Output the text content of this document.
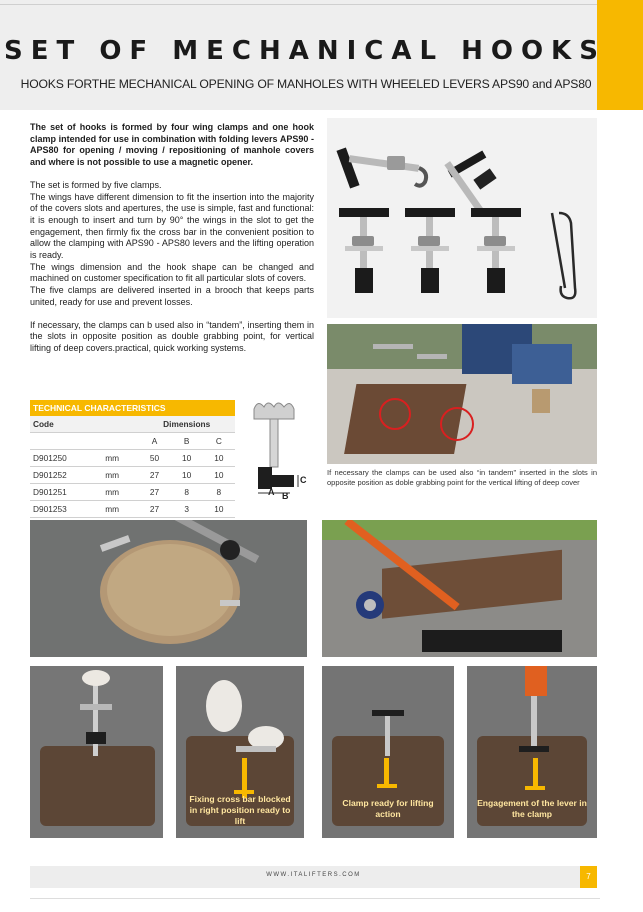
SET OF MECHANICAL HOOKS
HOOKS FORTHE MECHANICAL OPENING OF MANHOLES WITH WHEELED LEVERS APS90 and APS80

The set of hooks is formed by four wing clamps and one hook clamp intended for use in combination with folding levers APS90 - APS80 for opening / moving / repositioning of manhole covers and where is not possible to use a magnetic opener.

The set is formed by five clamps.
The wings have different dimension to fit the insertion into the majority of the covers slots and apertures, the use is simple, fast and functional: it is enough to insert and turn by 90° the wings in the slot to get the engagement, then firmly fix the cross bar in the convenient position to allow the clamping with APS90 - APS80 levers and the lifting operation is ready.
The wings dimension and the hook shape can be changed and machined on customer specification to fit all particular slots of covers.
The five clamps are delivered inserted in a brooch that keeps parts united, ready for use and prevent losses.

If necessary, the clamps can b used also in “tandem”, inserting them in the slots in opposite position as double grabbing point, for vertical lifting of deep covers.practical, quick working systems.

If necessary the clamps can be used also “in tandem” inserted in the slots in opposite position as doble grabbing point for the vertical lifting of deep cover
TECHNICAL CHARACTERISTICS				
Code		Dimensions		
		A	B	C
D901250	mm	50	10	10
D901252	mm	27	10	10
D901251	mm	27	8	8
D901253	mm	27	3	10
C
A B
Fixing cross bar blocked in right position ready to lift
Clamp ready for lifting action
Engagement of the lever in the clamp
WWW.ITALIFTERS.COM	7
